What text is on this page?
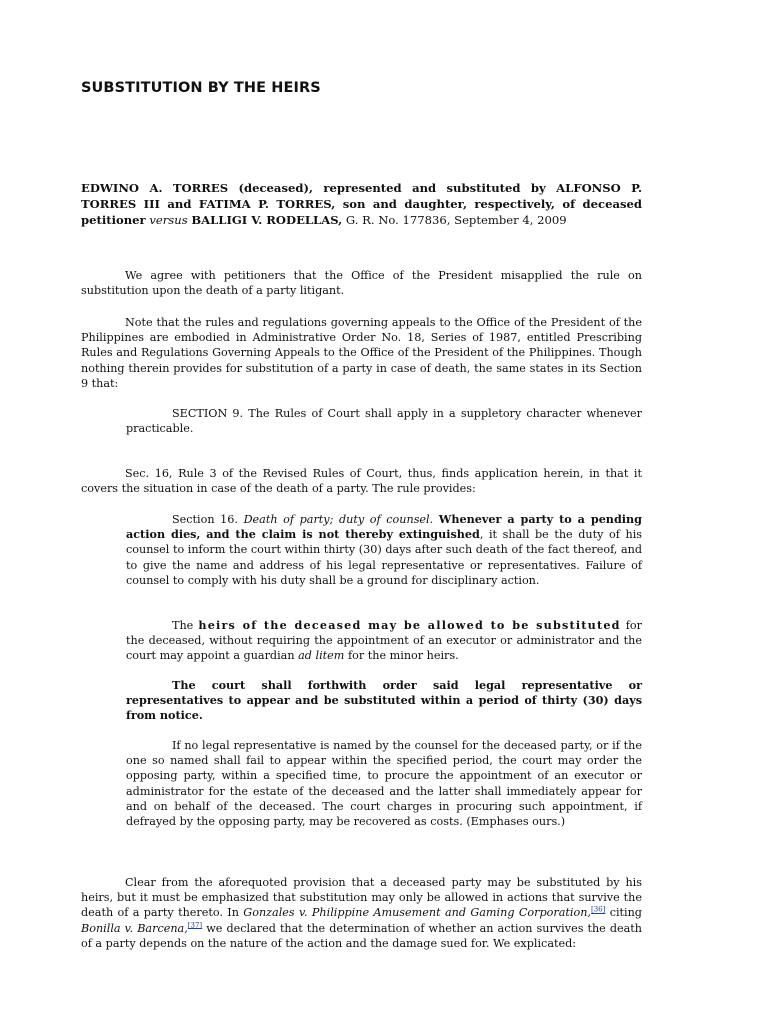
SUBSTITUTION BY THE HEIRS
EDWINO A. TORRES (deceased), represented and substituted by ALFONSO P. TORRES III and FATIMA P. TORRES, son and daughter, respectively, of deceased petitioner versus BALLIGI V. RODELLAS, G. R. No. 177836, September 4, 2009
We agree with petitioners that the Office of the President misapplied the rule on substitution upon the death of a party litigant.
Note that the rules and regulations governing appeals to the Office of the President of the Philippines are embodied in Administrative Order No. 18, Series of 1987, entitled Prescribing Rules and Regulations Governing Appeals to the Office of the President of the Philippines. Though nothing therein provides for substitution of a party in case of death, the same states in its Section 9 that:
SECTION 9. The Rules of Court shall apply in a suppletory character whenever practicable.
Sec. 16, Rule 3 of the Revised Rules of Court, thus, finds application herein, in that it covers the situation in case of the death of a party. The rule provides:
Section 16. Death of party; duty of counsel. Whenever a party to a pending action dies, and the claim is not thereby extinguished, it shall be the duty of his counsel to inform the court within thirty (30) days after such death of the fact thereof, and to give the name and address of his legal representative or representatives. Failure of counsel to comply with his duty shall be a ground for disciplinary action.
The heirs of the deceased may be allowed to be substituted for the deceased, without requiring the appointment of an executor or administrator and the court may appoint a guardian ad litem for the minor heirs.
The court shall forthwith order said legal representative or representatives to appear and be substituted within a period of thirty (30) days from notice.
If no legal representative is named by the counsel for the deceased party, or if the one so named shall fail to appear within the specified period, the court may order the opposing party, within a specified time, to procure the appointment of an executor or administrator for the estate of the deceased and the latter shall immediately appear for and on behalf of the deceased. The court charges in procuring such appointment, if defrayed by the opposing party, may be recovered as costs. (Emphases ours.)
Clear from the aforequoted provision that a deceased party may be substituted by his heirs, but it must be emphasized that substitution may only be allowed in actions that survive the death of a party thereto. In Gonzales v. Philippine Amusement and Gaming Corporation,[36] citing Bonilla v. Barcena,[37] we declared that the determination of whether an action survives the death of a party depends on the nature of the action and the damage sued for. We explicated:
